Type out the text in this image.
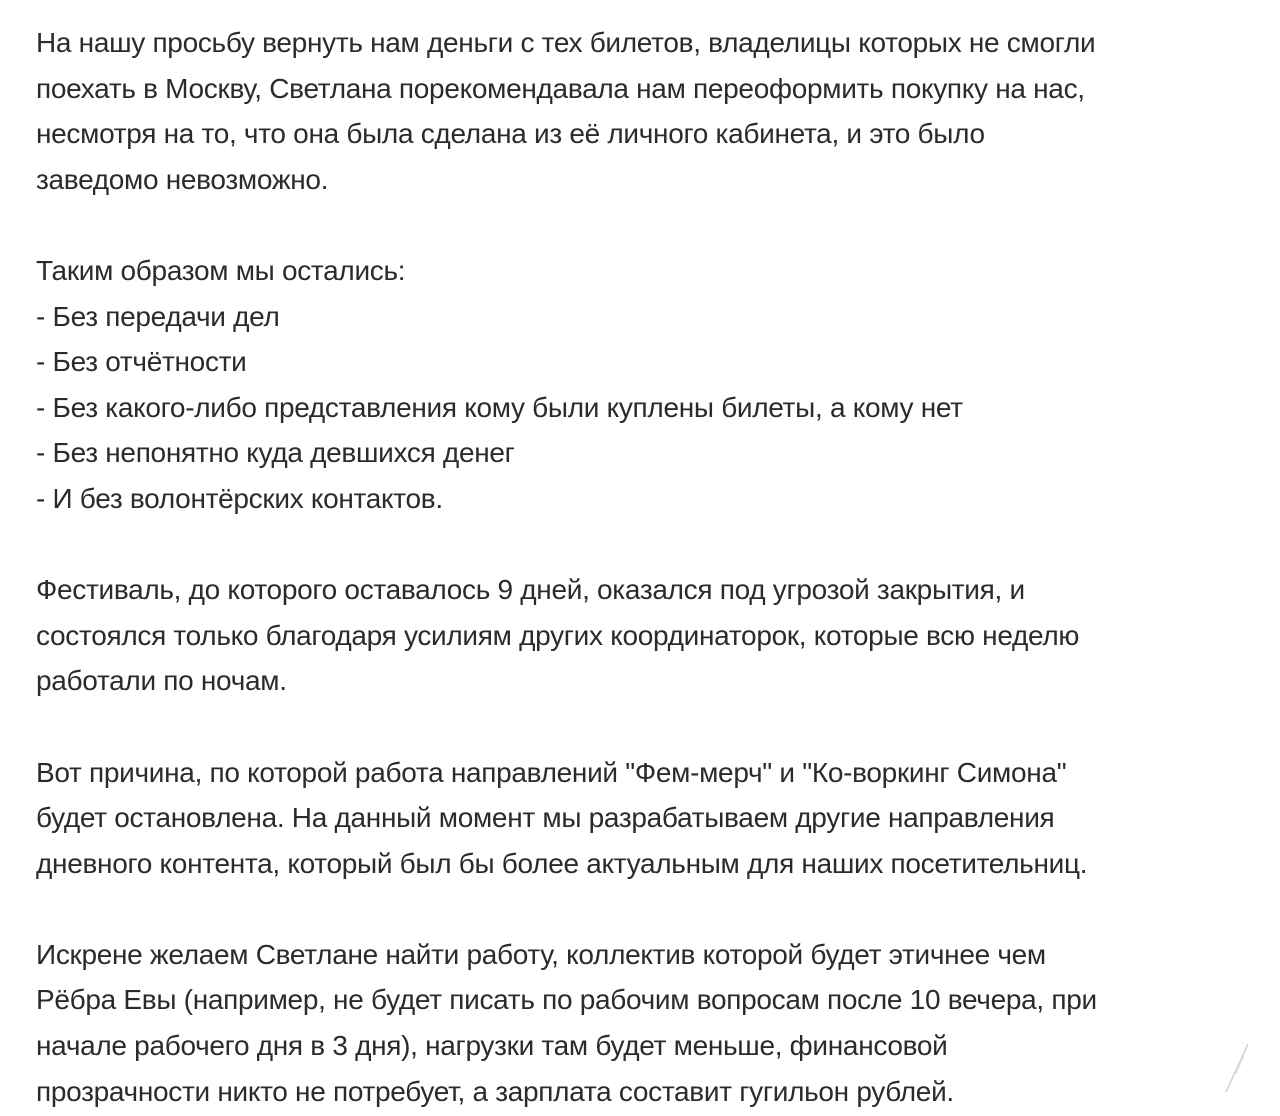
На нашу просьбу вернуть нам деньги с тех билетов, владелицы которых не смогли
поехать в Москву, Светлана порекомендавала нам переоформить покупку на нас,
несмотря на то, что она была сделана из её личного кабинета, и это было
заведомо невозможно.
Таким образом мы остались:
- Без передачи дел
- Без отчётности
- Без какого-либо представления кому были куплены билеты, а кому нет
- Без непонятно куда девшихся денег
- И без волонтёрских контактов.
Фестиваль, до которого оставалось 9 дней, оказался под угрозой закрытия, и
состоялся только благодаря усилиям других координаторок, которые всю неделю
работали по ночам.
Вот причина, по которой работа направлений "Фем-мерч" и "Ко-воркинг Симона"
будет остановлена. На данный момент мы разрабатываем другие направления
дневного контента, который был бы более актуальным для наших посетительниц.
Искрене желаем Светлане найти работу, коллектив которой будет этичнее чем
Рёбра Евы (например, не будет писать по рабочим вопросам после 10 вечера, при
начале рабочего дня в 3 дня), нагрузки там будет меньше, финансовой
прозрачности никто не потребует, а зарплата составит гугильон рублей.
